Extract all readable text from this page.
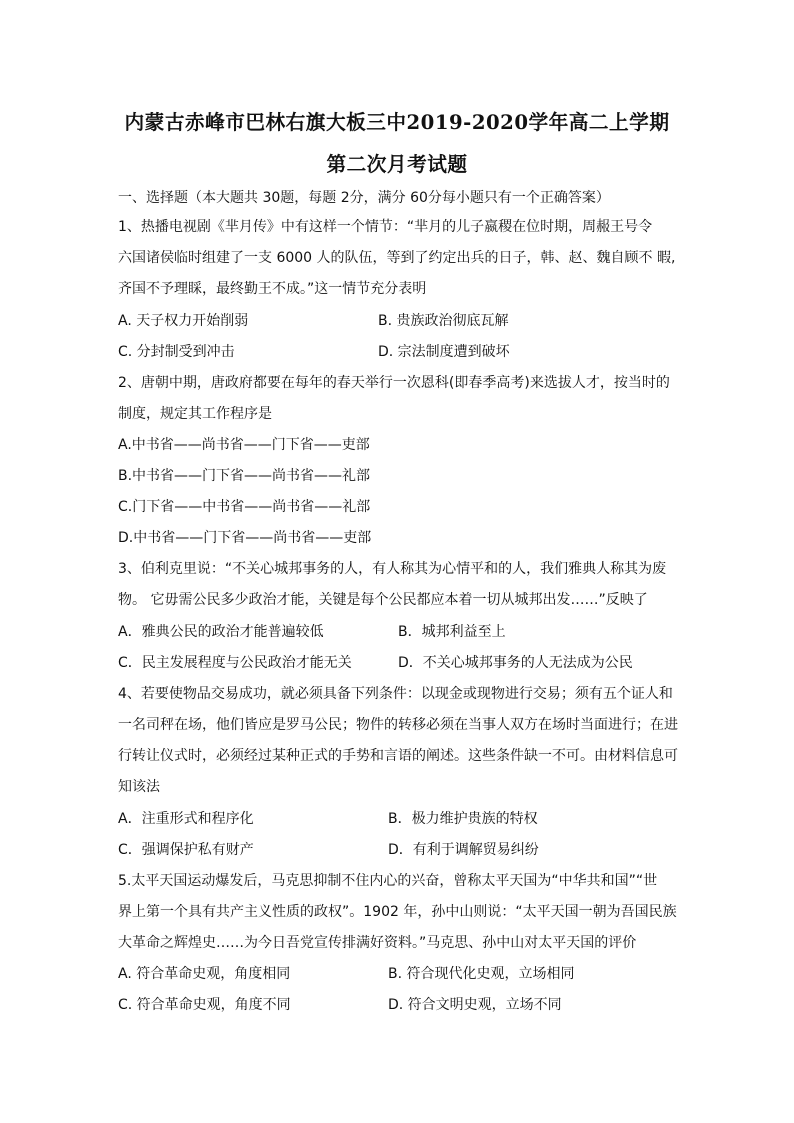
内蒙古赤峰市巴林右旗大板三中2019-2020学年高二上学期
第二次月考试题
一、选择题（本大题共 30题，每题 2分，满分 60分每小题只有一个正确答案）
1、热播电视剧《芈月传》中有这样一个情节：“芈月的儿子嬴稷在位时期，周赧王号令
六国诸侯临时组建了一支 6000 人的队伍，等到了约定出兵的日子，韩、赵、魏自顾不 暇,
齐国不予理睬，最终勤王不成。”这一情节充分表明
A. 天子权力开始削弱	B. 贵族政治彻底瓦解
C. 分封制受到冲击	D. 宗法制度遭到破坏
2、唐朝中期，唐政府都要在每年的春天举行一次恩科(即春季高考)来选拔人才，按当时的
制度，规定其工作程序是
A.中书省——尚书省——门下省——吏部
B.中书省——门下省——尚书省——礼部
C.门下省——中书省——尚书省——礼部
D.中书省——门下省——尚书省——吏部
3、伯利克里说：“不关心城邦事务的人，有人称其为心情平和的人，我们雅典人称其为废
物。 它毋需公民多少政治才能，关键是每个公民都应本着一切从城邦出发……”反映了
A．雅典公民的政治才能普遍较低	B．城邦利益至上
C．民主发展程度与公民政治才能无关	D．不关心城邦事务的人无法成为公民
4、若要使物品交易成功，就必须具备下列条件：以现金或现物进行交易；须有五个证人和
一名司秤在场，他们皆应是罗马公民；物件的转移必须在当事人双方在场时当面进行；在进
行转让仪式时，必须经过某种正式的手势和言语的阐述。这些条件缺一不可。由材料信息可
知该法
A．注重形式和程序化	B．极力维护贵族的特权
C．强调保护私有财产	D．有利于调解贸易纠纷
5.太平天国运动爆发后，马克思抑制不住内心的兴奋，曾称太平天国为“中华共和国”“世
界上第一个具有共产主义性质的政权”。1902 年，孙中山则说：“太平天国一朝为吾国民族
大革命之辉煌史……为今日吾党宣传排满好资料。”马克思、孙中山对太平天国的评价
A. 符合革命史观，角度相同	B. 符合现代化史观，立场相同
C. 符合革命史观，角度不同	D. 符合文明史观，立场不同
